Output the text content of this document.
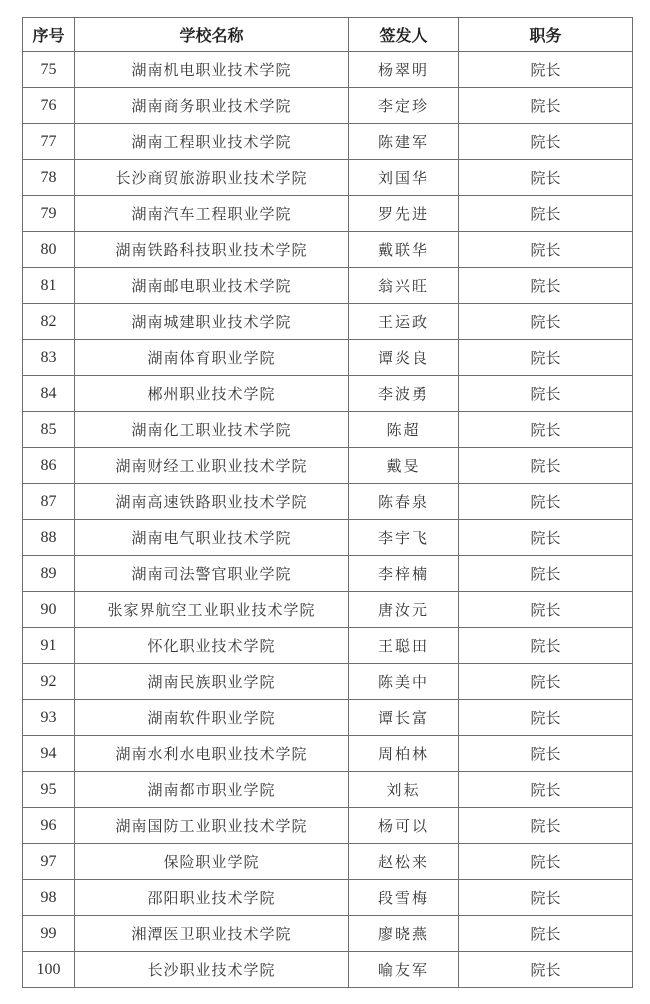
序号	学校名称	签发人	职务
75	湖南机电职业技术学院	杨翠明	院长
76	湖南商务职业技术学院	李定珍	院长
77	湖南工程职业技术学院	陈建军	院长
78	长沙商贸旅游职业技术学院	刘国华	院长
79	湖南汽车工程职业学院	罗先进	院长
80	湖南铁路科技职业技术学院	戴联华	院长
81	湖南邮电职业技术学院	翁兴旺	院长
82	湖南城建职业技术学院	王运政	院长
83	湖南体育职业学院	谭炎良	院长
84	郴州职业技术学院	李波勇	院长
85	湖南化工职业技术学院	陈超	院长
86	湖南财经工业职业技术学院	戴旻	院长
87	湖南高速铁路职业技术学院	陈春泉	院长
88	湖南电气职业技术学院	李宇飞	院长
89	湖南司法警官职业学院	李梓楠	院长
90	张家界航空工业职业技术学院	唐汝元	院长
91	怀化职业技术学院	王聪田	院长
92	湖南民族职业学院	陈美中	院长
93	湖南软件职业学院	谭长富	院长
94	湖南水利水电职业技术学院	周柏林	院长
95	湖南都市职业学院	刘耘	院长
96	湖南国防工业职业技术学院	杨可以	院长
97	保险职业学院	赵松来	院长
98	邵阳职业技术学院	段雪梅	院长
99	湘潭医卫职业技术学院	廖晓燕	院长
100	长沙职业技术学院	喻友军	院长
